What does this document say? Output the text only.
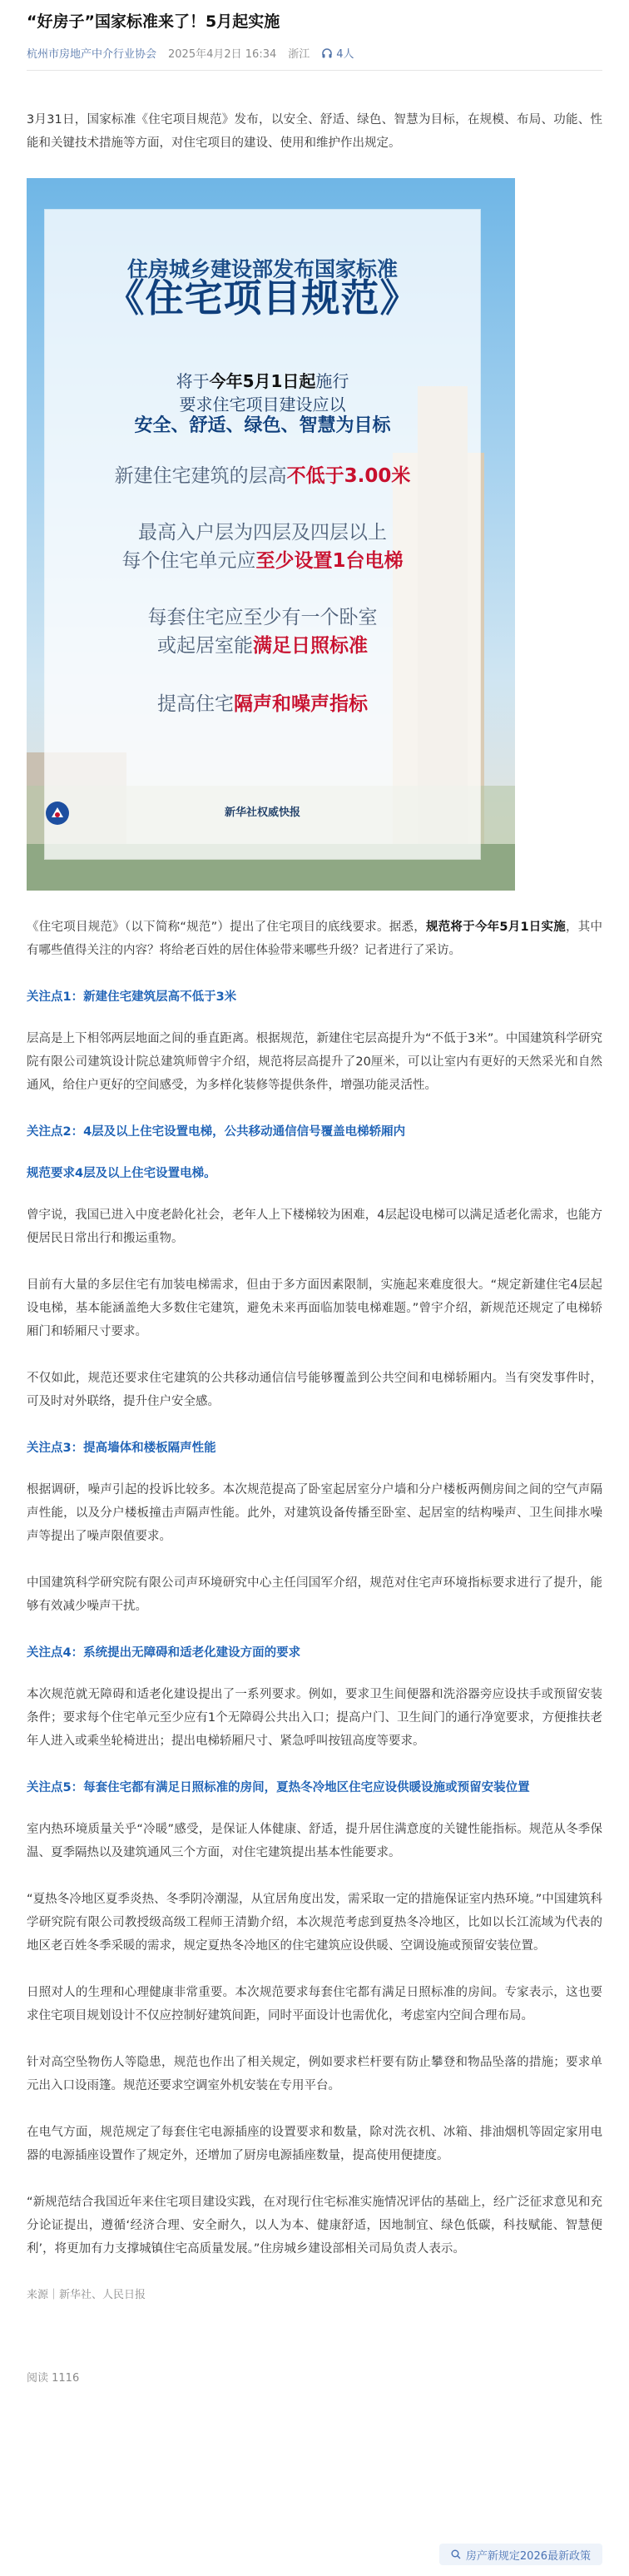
“好房子”国家标准来了！5月起实施
杭州市房地产中介行业协会 2025年4月2日 16:34 浙江 4人

3月31日，国家标准《住宅项目规范》发布，以安全、舒适、绿色、智慧为目标，在规模、布局、功能、性能和关键技术措施等方面，对住宅项目的建设、使用和维护作出规定。

住房城乡建设部发布国家标准
《住宅项目规范》
将于今年5月1日起施行
要求住宅项目建设应以
安全、舒适、绿色、智慧为目标
新建住宅建筑的层高不低于3.00米
最高入户层为四层及四层以上
每个住宅单元应至少设置1台电梯
每套住宅应至少有一个卧室
或起居室能满足日照标准
提高住宅隔声和噪声指标
新华社权威快报

《住宅项目规范》（以下简称“规范”）提出了住宅项目的底线要求。据悉，规范将于今年5月1日实施，其中有哪些值得关注的内容？将给老百姓的居住体验带来哪些升级？记者进行了采访。

关注点1：新建住宅建筑层高不低于3米

层高是上下相邻两层地面之间的垂直距离。根据规范，新建住宅层高提升为“不低于3米”。中国建筑科学研究院有限公司建筑设计院总建筑师曾宇介绍，规范将层高提升了20厘米，可以让室内有更好的天然采光和自然通风，给住户更好的空间感受，为多样化装修等提供条件，增强功能灵活性。

关注点2：4层及以上住宅设置电梯，公共移动通信信号覆盖电梯轿厢内

规范要求4层及以上住宅设置电梯。

曾宇说，我国已进入中度老龄化社会，老年人上下楼梯较为困难，4层起设电梯可以满足适老化需求，也能方便居民日常出行和搬运重物。

目前有大量的多层住宅有加装电梯需求，但由于多方面因素限制，实施起来难度很大。“规定新建住宅4层起设电梯，基本能涵盖绝大多数住宅建筑，避免未来再面临加装电梯难题。”曾宇介绍，新规范还规定了电梯轿厢门和轿厢尺寸要求。

不仅如此，规范还要求住宅建筑的公共移动通信信号能够覆盖到公共空间和电梯轿厢内。当有突发事件时，可及时对外联络，提升住户安全感。

关注点3：提高墙体和楼板隔声性能

根据调研，噪声引起的投诉比较多。本次规范提高了卧室起居室分户墙和分户楼板两侧房间之间的空气声隔声性能，以及分户楼板撞击声隔声性能。此外，对建筑设备传播至卧室、起居室的结构噪声、卫生间排水噪声等提出了噪声限值要求。

中国建筑科学研究院有限公司声环境研究中心主任闫国军介绍，规范对住宅声环境指标要求进行了提升，能够有效减少噪声干扰。

关注点4：系统提出无障碍和适老化建设方面的要求

本次规范就无障碍和适老化建设提出了一系列要求。例如，要求卫生间便器和洗浴器旁应设扶手或预留安装条件；要求每个住宅单元至少应有1个无障碍公共出入口；提高户门、卫生间门的通行净宽要求，方便推扶老年人进入或乘坐轮椅进出；提出电梯轿厢尺寸、紧急呼叫按钮高度等要求。

关注点5：每套住宅都有满足日照标准的房间，夏热冬冷地区住宅应设供暖设施或预留安装位置

室内热环境质量关乎“冷暖”感受，是保证人体健康、舒适，提升居住满意度的关键性能指标。规范从冬季保温、夏季隔热以及建筑通风三个方面，对住宅建筑提出基本性能要求。

“夏热冬冷地区夏季炎热、冬季阴冷潮湿，从宜居角度出发，需采取一定的措施保证室内热环境。”中国建筑科学研究院有限公司教授级高级工程师王清勤介绍，本次规范考虑到夏热冬冷地区，比如以长江流域为代表的地区老百姓冬季采暖的需求，规定夏热冬冷地区的住宅建筑应设供暖、空调设施或预留安装位置。

日照对人的生理和心理健康非常重要。本次规范要求每套住宅都有满足日照标准的房间。专家表示，这也要求住宅项目规划设计不仅应控制好建筑间距，同时平面设计也需优化，考虑室内空间合理布局。

针对高空坠物伤人等隐患，规范也作出了相关规定，例如要求栏杆要有防止攀登和物品坠落的措施；要求单元出入口设雨篷。规范还要求空调室外机安装在专用平台。

在电气方面，规范规定了每套住宅电源插座的设置要求和数量，除对洗衣机、冰箱、排油烟机等固定家用电器的电源插座设置作了规定外，还增加了厨房电源插座数量，提高使用便捷度。

“新规范结合我国近年来住宅项目建设实践，在对现行住宅标准实施情况评估的基础上，经广泛征求意见和充分论证提出，遵循‘经济合理、安全耐久，以人为本、健康舒适，因地制宜、绿色低碳，科技赋能、智慧便利’，将更加有力支撑城镇住宅高质量发展。”住房城乡建设部相关司局负责人表示。

来源｜新华社、人民日报

阅读 1116
房产新规定2026最新政策
